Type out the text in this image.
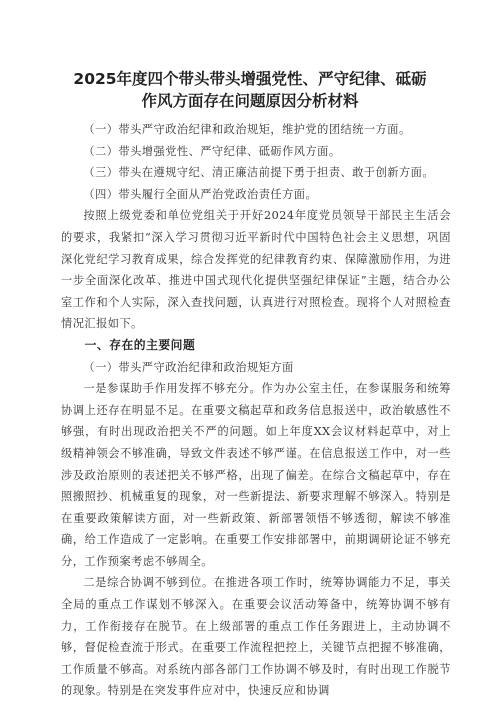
2025年度四个带头带头增强党性、严守纪律、砥砺
作风方面存在问题原因分析材料

（一）带头严守政治纪律和政治规矩，维护党的团结统一方面。

（二）带头增强党性、严守纪律、砥砺作风方面。

（三）带头在遵规守纪、清正廉洁前提下勇于担责、敢于创新方面。

（四）带头履行全面从严治党政治责任方面。

按照上级党委和单位党组关于开好2024年度党员领导干部民主生活会的要求，我紧扣“深入学习贯彻习近平新时代中国特色社会主义思想，巩固深化党纪学习教育成果，综合发挥党的纪律教育约束、保障激励作用，为进一步全面深化改革、推进中国式现代化提供坚强纪律保证”主题，结合办公室工作和个人实际，深入查找问题，认真进行对照检查。现将个人对照检查情况汇报如下。

一、存在的主要问题

（一）带头严守政治纪律和政治规矩方面

一是参谋助手作用发挥不够充分。作为办公室主任，在参谋服务和统筹协调上还存在明显不足。在重要文稿起草和政务信息报送中，政治敏感性不够强，有时出现政治把关不严的问题。如上年度XX会议材料起草中，对上级精神领会不够准确，导致文件表述不够严谨。在信息报送工作中，对一些涉及政治原则的表述把关不够严格，出现了偏差。在综合文稿起草中，存在照搬照抄、机械重复的现象，对一些新提法、新要求理解不够深入。特别是在重要政策解读方面，对一些新政策、新部署领悟不够透彻，解读不够准确，给工作造成了一定影响。在重要工作安排部署中，前期调研论证不够充分，工作预案考虑不够周全。

二是综合协调不够到位。在推进各项工作时，统筹协调能力不足，事关全局的重点工作谋划不够深入。在重要会议活动筹备中，统筹协调不够有力，工作衔接存在脱节。在上级部署的重点工作任务跟进上，主动协调不够，督促检查流于形式。在重要工作流程把控上，关键节点把握不够准确，工作质量不够高。对系统内部各部门工作协调不够及时，有时出现工作脱节的现象。特别是在突发事件应对中，快速反应和协调
